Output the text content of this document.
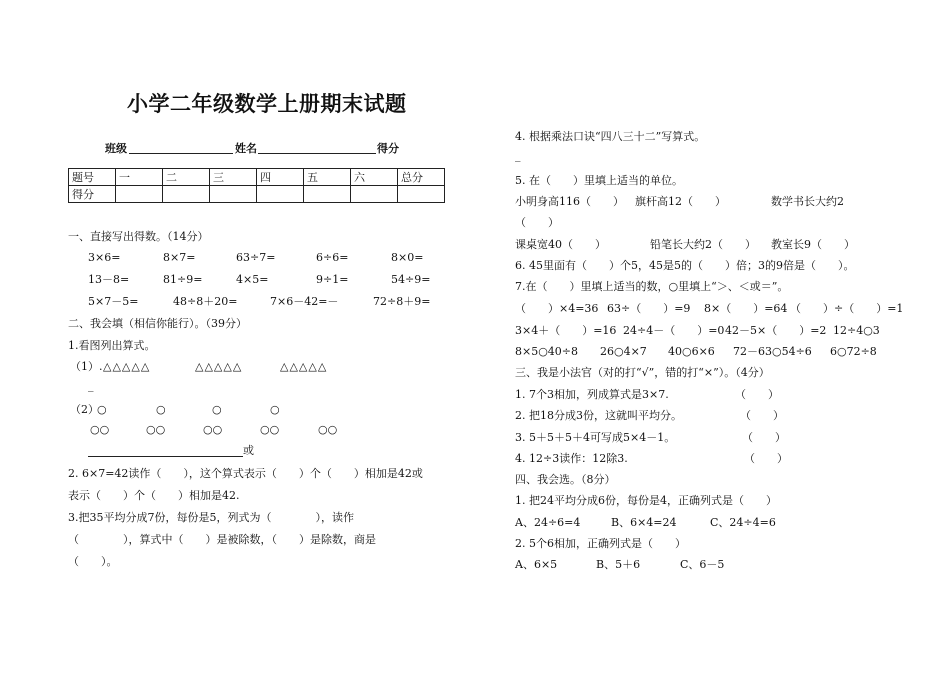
小学二年级数学上册期末试题
班级	姓名	得分
题号	一	二	三	四	五	六	总分
得分							
一、直接写出得数。（14分）
3×6=	8×7=	63÷7=	6÷6=	8×0=
13－8=	81÷9=	4×5=	9÷1=	54÷9=
5×7－5=	48÷8＋20=	7×6－42=－	72÷8＋9=
二、我会填（相信你能行）。（39分）
1.看图列出算式。
（1）. △△△△△	△△△△△	△△△△△
_
（2）
○	○	○	○
○○	○○	○○	○○	○○
或
2. 6×7=42读作（　　），这个算式表示（　　）个（　　）相加是42或
表示（　　）个（　　）相加是42.
3.把35平均分成7份，每份是5，列式为（　　　　），读作
（　　　　），算式中（　　）是被除数，（　　）是除数，商是
（　　）。
4. 根据乘法口诀“四八三十二”写算式。
_
5. 在（　　）里填上适当的单位。
小明身高116（　　） 旗杆高12（　　）	数学书长大约2
（　　）
课桌宽40（　　）	铅笔长大约2（　　） 教室长9（　　）
6. 45里面有（　　）个5，45是5的（　　）倍；3的9倍是（　　）。
7.在（　　）里填上适当的数，○里填上“＞、＜或＝”。
（　　）×4=36 63÷（　　）=9 8×（　　）=64 （　　）÷（　　）=1
3×4＋（　　）=16 24÷4－（　　）=0 42－5×（　　）=2 12÷4○3
8×5○40÷8 26○4×7 40○6×6 72－63○54÷6 6○72÷8
三、我是小法官（对的打“√”，错的打“×”）。（4分）
1. 7个3相加，列成算式是3×7.	（　　）
2. 把18分成3份，这就叫平均分。	（　　）
3. 5＋5＋5＋4可写成5×4－1。	（　　）
4. 12÷3读作：12除3.	（　　）
四、我会选。（8分）
1. 把24平均分成6份，每份是4，正确列式是（　　）
A、24÷6=4	B、6×4=24	C、24÷4=6
2. 5个6相加，正确列式是（　　）
A、6×5	B、5＋6	C、6－5
